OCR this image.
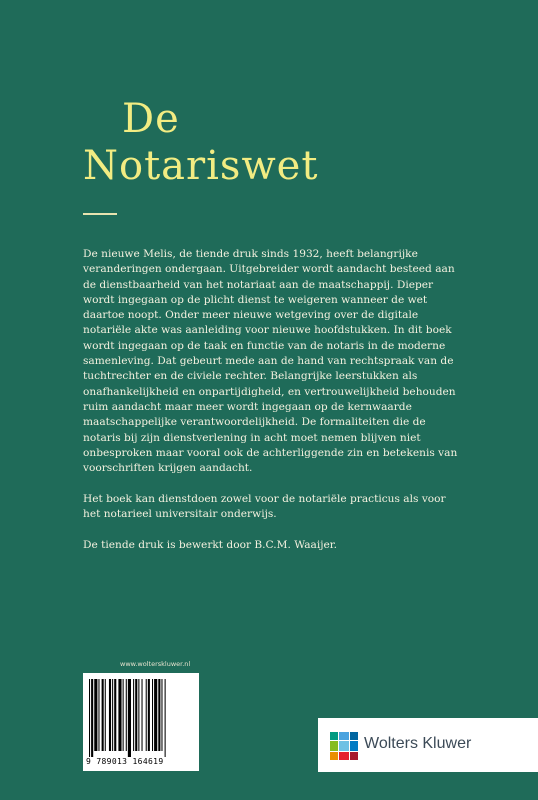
De
Notariswet

De nieuwe Melis, de tiende druk sinds 1932, heeft belangrijke veranderingen ondergaan. Uitgebreider wordt aandacht besteed aan de dienstbaarheid van het notariaat aan de maatschappij. Dieper wordt ingegaan op de plicht dienst te weigeren wanneer de wet daartoe noopt. Onder meer nieuwe wetgeving over de digitale notariële akte was aanleiding voor nieuwe hoofdstukken. In dit boek wordt ingegaan op de taak en functie van de notaris in de moderne samenleving. Dat gebeurt mede aan de hand van rechtspraak van de tuchtrechter en de civiele rechter. Belangrijke leerstukken als onafhankelijkheid en onpartijdigheid, en vertrouwelijkheid behouden ruim aandacht maar meer wordt ingegaan op de kernwaarde maatschappelijke verantwoordelijkheid. De formaliteiten die de notaris bij zijn dienstverlening in acht moet nemen blijven niet onbesproken maar vooral ook de achterliggende zin en betekenis van voorschriften krijgen aandacht.

Het boek kan dienstdoen zowel voor de notariële practicus als voor het notarieel universitair onderwijs.

De tiende druk is bewerkt door B.C.M. Waaijer.

www.wolterskluwer.nl
9 789013 164619
Wolters Kluwer
